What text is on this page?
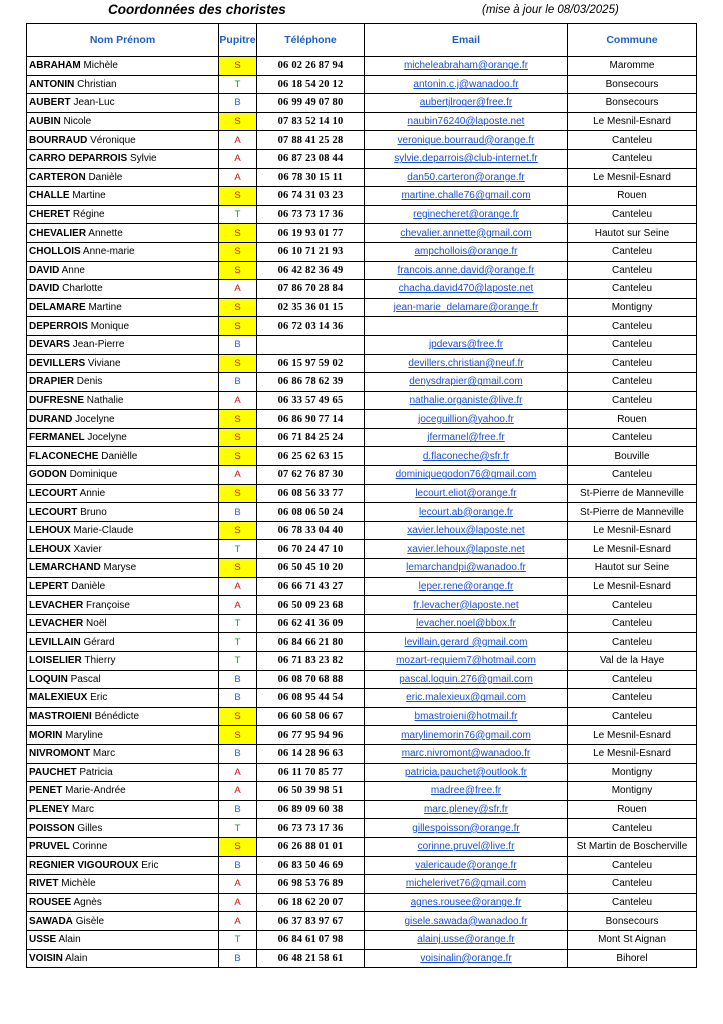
Coordonnées des choristes	(mise à jour le 08/03/2025)
Nom Prénom	Pupitre	Téléphone	Email	Commune
ABRAHAM Michèle	S	06 02 26 87 94	micheleabraham@orange.fr	Maromme
ANTONIN Christian	T	06 18 54 20 12	antonin.c.j@wanadoo.fr	Bonsecours
AUBERT Jean-Luc	B	06 99 49 07 80	aubertjlroger@free.fr	Bonsecours
AUBIN Nicole	S	07 83 52 14 10	naubin76240@laposte.net	Le Mesnil-Esnard
BOURRAUD Véronique	A	07 88 41 25 28	veronique.bourraud@orange.fr	Canteleu
CARRO DEPARROIS Sylvie	A	06 87 23 08 44	sylvie.deparrois@club-internet.fr	Canteleu
CARTERON Danièle	A	06 78 30 15 11	dan50.carteron@orange.fr	Le Mesnil-Esnard
CHALLE Martine	S	06 74 31 03 23	martine.challe76@gmail.com	Rouen
CHERET Régine	T	06 73 73 17 36	reginecheret@orange.fr	Canteleu
CHEVALIER Annette	S	06 19 93 01 77	chevalier.annette@gmail.com	Hautot sur Seine
CHOLLOIS Anne-marie	S	06 10 71 21 93	ampchollois@orange.fr	Canteleu
DAVID Anne	S	06 42 82 36 49	francois.anne.david@orange.fr	Canteleu
DAVID Charlotte	A	07 86 70 28 84	chacha.david470@laposte.net	Canteleu
DELAMARE Martine	S	02 35 36 01 15	jean-marie_delamare@orange.fr	Montigny
DEPERROIS Monique	S	06 72 03 14 36		Canteleu
DEVARS Jean-Pierre	B		jpdevars@free.fr	Canteleu
DEVILLERS Viviane	S	06 15 97 59 02	devillers.christian@neuf.fr	Canteleu
DRAPIER Denis	B	06 86 78 62 39	denysdrapier@gmail.com	Canteleu
DUFRESNE Nathalie	A	06 33 57 49 65	nathalie.organiste@live.fr	Canteleu
DURAND Jocelyne	S	06 86 90 77 14	joceguillion@yahoo.fr	Rouen
FERMANEL Jocelyne	S	06 71 84 25 24	jfermanel@free.fr	Canteleu
FLACONECHE Danièlle	S	06 25 62 63 15	d.flaconeche@sfr.fr	Bouville
GODON Dominique	A	07 62 76 87 30	dominiquegodon76@gmail.com	Canteleu
LECOURT Annie	S	06 08 56 33 77	lecourt.eliot@orange.fr	St-Pierre de Manneville
LECOURT Bruno	B	06 08 06 50 24	lecourt.ab@orange.fr	St-Pierre de Manneville
LEHOUX Marie-Claude	S	06 78 33 04 40	xavier.lehoux@laposte.net	Le Mesnil-Esnard
LEHOUX Xavier	T	06 70 24 47 10	xavier.lehoux@laposte.net	Le Mesnil-Esnard
LEMARCHAND Maryse	S	06 50 45 10 20	lemarchandpi@wanadoo.fr	Hautot sur Seine
LEPERT Danièle	A	06 66 71 43 27	leper.rene@orange.fr	Le Mesnil-Esnard
LEVACHER Françoise	A	06 50 09 23 68	fr.levacher@laposte.net	Canteleu
LEVACHER Noël	T	06 62 41 36 09	levacher.noel@bbox.fr	Canteleu
LEVILLAIN Gérard	T	06 84 66 21 80	levillain.gerard @gmail.com	Canteleu
LOISELIER Thierry	T	06 71 83 23 82	mozart-requiem7@hotmail.com	Val de la Haye
LOQUIN Pascal	B	06 08 70 68 88	pascal.loquin.276@gmail.com	Canteleu
MALEXIEUX Eric	B	06 08 95 44 54	eric.malexieux@gmail.com	Canteleu
MASTROIENI Bénédicte	S	06 60 58 06 67	bmastroieni@hotmail.fr	Canteleu
MORIN Maryline	S	06 77 95 94 96	marylinemorin76@gmail.com	Le Mesnil-Esnard
NIVROMONT Marc	B	06 14 28 96 63	marc.nivromont@wanadoo.fr	Le Mesnil-Esnard
PAUCHET Patricia	A	06 11 70 85 77	patricia.pauchet@outlook.fr	Montigny
PENET Marie-Andrée	A	06 50 39 98 51	madree@free.fr	Montigny
PLENEY Marc	B	06 89 09 60 38	marc.pleney@sfr.fr	Rouen
POISSON Gilles	T	06 73 73 17 36	gillespoisson@orange.fr	Canteleu
PRUVEL Corinne	S	06 26 88 01 01	corinne.pruvel@live.fr	St Martin de Boscherville
REGNIER VIGOUROUX Eric	B	06 83 50 46 69	valericaude@orange.fr	Canteleu
RIVET Michèle	A	06 98 53 76 89	michelerivet76@gmail.com	Canteleu
ROUSEE Agnès	A	06 18 62 20 07	agnes.rousee@orange.fr	Canteleu
SAWADA Gisèle	A	06 37 83 97 67	gisele.sawada@wanadoo.fr	Bonsecours
USSE Alain	T	06 84 61 07 98	alainj.usse@orange.fr	Mont St Aignan
VOISIN Alain	B	06 48 21 58 61	voisinalin@orange.fr	Bihorel
